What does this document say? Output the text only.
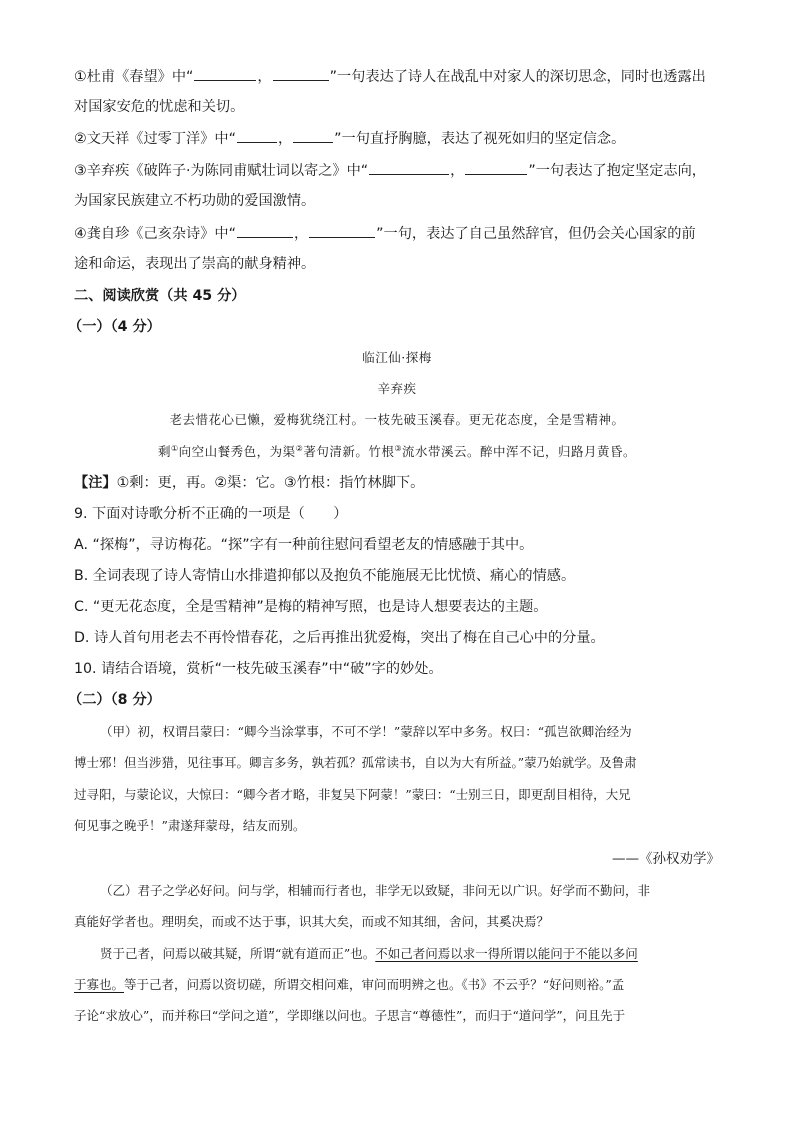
①杜甫《春望》中“	，	”一句表达了诗人在战乱中对家人的深切思念，同时也透露出
对国家安危的忧虑和关切。
②文天祥《过零丁洋》中“	，	”一句直抒胸臆，表达了视死如归的坚定信念。
③辛弃疾《破阵子·为陈同甫赋壮词以寄之》中“	，	”一句表达了抱定坚定志向，
为国家民族建立不朽功勋的爱国激情。
④龚自珍《己亥杂诗》中“	，	”一句，表达了自己虽然辞官，但仍会关心国家的前
途和命运，表现出了崇高的献身精神。
二、阅读欣赏（共 45 分）
（一）（4 分）
临江仙·探梅
辛弃疾
老去惜花心已懒，爱梅犹绕江村。一枝先破玉溪春。更无花态度，全是雪精神。
剩①向空山餐秀色，为渠②著句清新。竹根③流水带溪云。醉中浑不记，归路月黄昏。
【注】①剩：更，再。②渠：它。③竹根：指竹林脚下。
9. 下面对诗歌分析不正确的一项是（　　）
A. “探梅”，寻访梅花。“探”字有一种前往慰问看望老友的情感融于其中。
B. 全词表现了诗人寄情山水排遣抑郁以及抱负不能施展无比忧愤、痛心的情感。
C. “更无花态度，全是雪精神”是梅的精神写照，也是诗人想要表达的主题。
D. 诗人首句用老去不再怜惜春花，之后再推出犹爱梅，突出了梅在自己心中的分量。
10. 请结合语境，赏析“一枝先破玉溪春”中“破”字的妙处。
（二）（8 分）
（甲）初，权谓吕蒙曰：“卿今当涂掌事，不可不学！”蒙辞以军中多务。权曰：“孤岂欲卿治经为
博士邪！但当涉猎，见往事耳。卿言多务，孰若孤？孤常读书，自以为大有所益。”蒙乃始就学。及鲁肃
过寻阳，与蒙论议，大惊曰：“卿今者才略，非复吴下阿蒙！”蒙曰：“士别三日，即更刮目相待，大兄
何见事之晚乎！”肃遂拜蒙母，结友而别。
——《孙权劝学》
（乙）君子之学必好问。问与学，相辅而行者也，非学无以致疑，非问无以广识。好学而不勤问，非
真能好学者也。理明矣，而或不达于事，识其大矣，而或不知其细，舍问，其奚决焉？
贤于己者，问焉以破其疑，所谓“就有道而正”也。不如己者问焉以求一得所谓以能问于不能以多问
于寡也。等于己者，问焉以资切磋，所谓交相问难，审问而明辨之也。《书》不云乎？“好问则裕。”孟
子论“求放心”，而并称曰“学问之道”，学即继以问也。子思言“尊德性”，而归于“道问学”，问且先于
